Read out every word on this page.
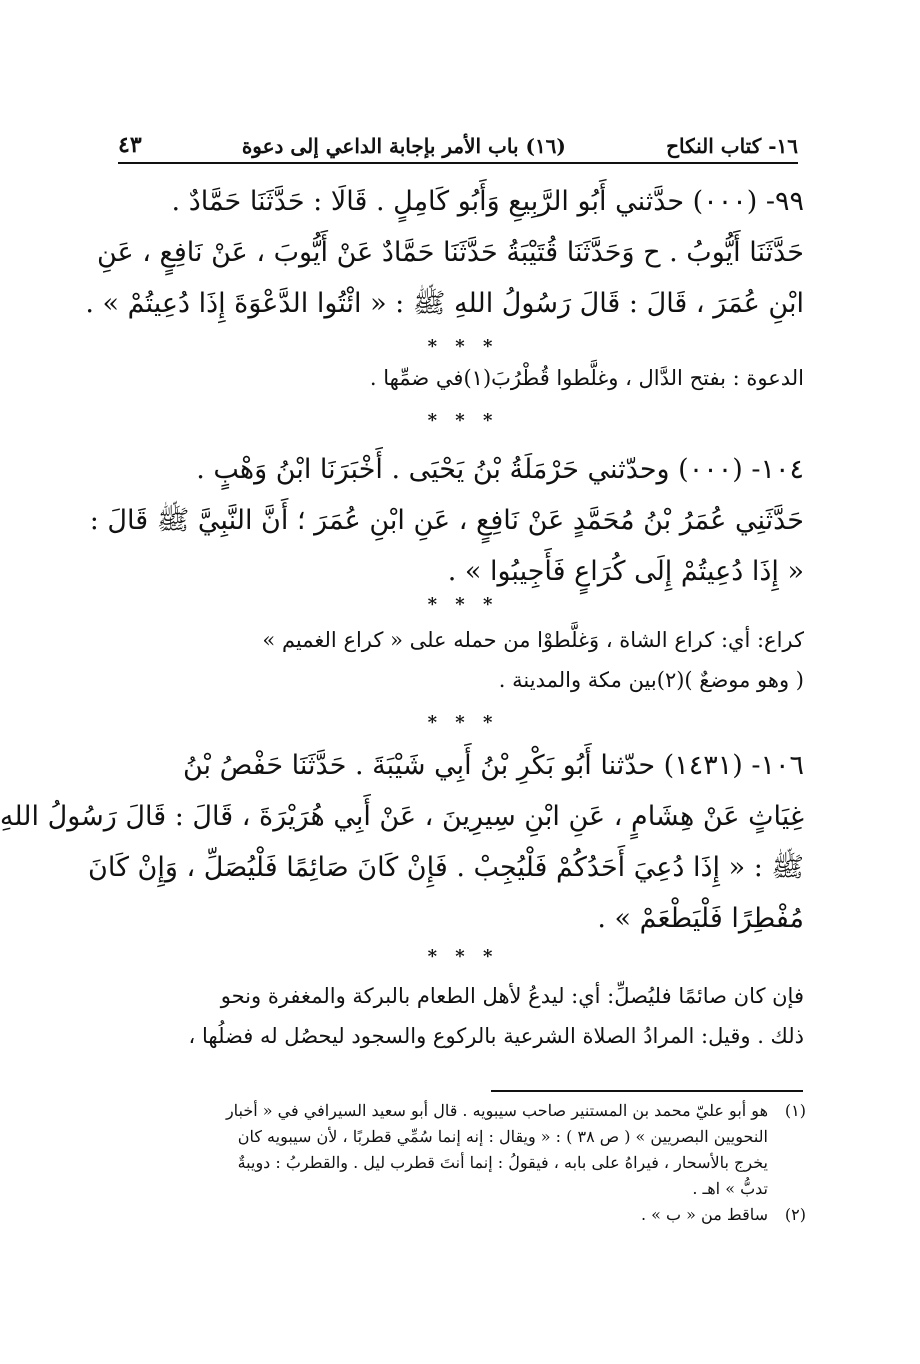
١٦- كتاب النكاح
(١٦) باب الأمر بإجابة الداعي إلى دعوة
٤٣
٩٩- (٠٠٠) حدَّثني أَبُو الرَّبِيعِ وَأَبُو كَامِلٍ . قَالَا : حَدَّثَنَا حَمَّادٌ .
حَدَّثَنَا أَيُّوبُ . ح وَحَدَّثَنَا قُتَيْبَةُ حَدَّثَنَا حَمَّادٌ عَنْ أَيُّوبَ ، عَنْ نَافِعٍ ، عَنِ
ابْنِ عُمَرَ ، قَالَ : قَالَ رَسُولُ اللهِ ﷺ : « ائْتُوا الدَّعْوَةَ إِذَا دُعِيتُمْ » .
* * *
الدعوة : بفتح الدَّال ، وغلَّطوا قُطْرُبَ(١)في ضمِّها .
* * *
١٠٤- (٠٠٠) وحدّثني حَرْمَلَةُ بْنُ يَحْيَى . أَخْبَرَنَا ابْنُ وَهْبٍ .
حَدَّثَنِي عُمَرُ بْنُ مُحَمَّدٍ عَنْ نَافِعٍ ، عَنِ ابْنِ عُمَرَ ؛ أَنَّ النَّبِيَّ ﷺ قَالَ :
« إِذَا دُعِيتُمْ إِلَى كُرَاعٍ فَأَجِيبُوا » .
* * *
كراع: أي: كراع الشاة ، وَغلَّطوْا من حمله على « كراع الغميم »
( وهو موضعٌ )(٢)بين مكة والمدينة .
* * *
١٠٦- (١٤٣١) حدّثنا أَبُو بَكْرِ بْنُ أَبِي شَيْبَةَ . حَدَّثَنَا حَفْصُ بْنُ
غِيَاثٍ عَنْ هِشَامٍ ، عَنِ ابْنِ سِيرِينَ ، عَنْ أَبِي هُرَيْرَةَ ، قَالَ : قَالَ رَسُولُ اللهِ
ﷺ : « إِذَا دُعِيَ أَحَدُكُمْ فَلْيُجِبْ . فَإِنْ كَانَ صَائِمًا فَلْيُصَلِّ ، وَإِنْ كَانَ
مُفْطِرًا فَلْيَطْعَمْ » .
* * *
فإن كان صائمًا فليُصلِّ: أي: ليدعُ لأهل الطعام بالبركة والمغفرة ونحو
ذلك . وقيل: المرادُ الصلاة الشرعية بالركوع والسجود ليحصُل له فضلُها ،
(١)
هو أبو عليّ محمد بن المستنير صاحب سيبويه . قال أبو سعيد السيرافي في « أخبار
النحويين البصريين » ( ص ٣٨ ) : « ويقال : إنه إنما سُمِّي قطربًا ، لأن سيبويه كان
يخرج بالأسحار ، فيراهُ على بابه ، فيقولُ : إنما أنتَ قطرب ليل . والقطربُ : دويبةٌ
تدبُّ » اهـ .
(٢)
ساقط من « ب » .
